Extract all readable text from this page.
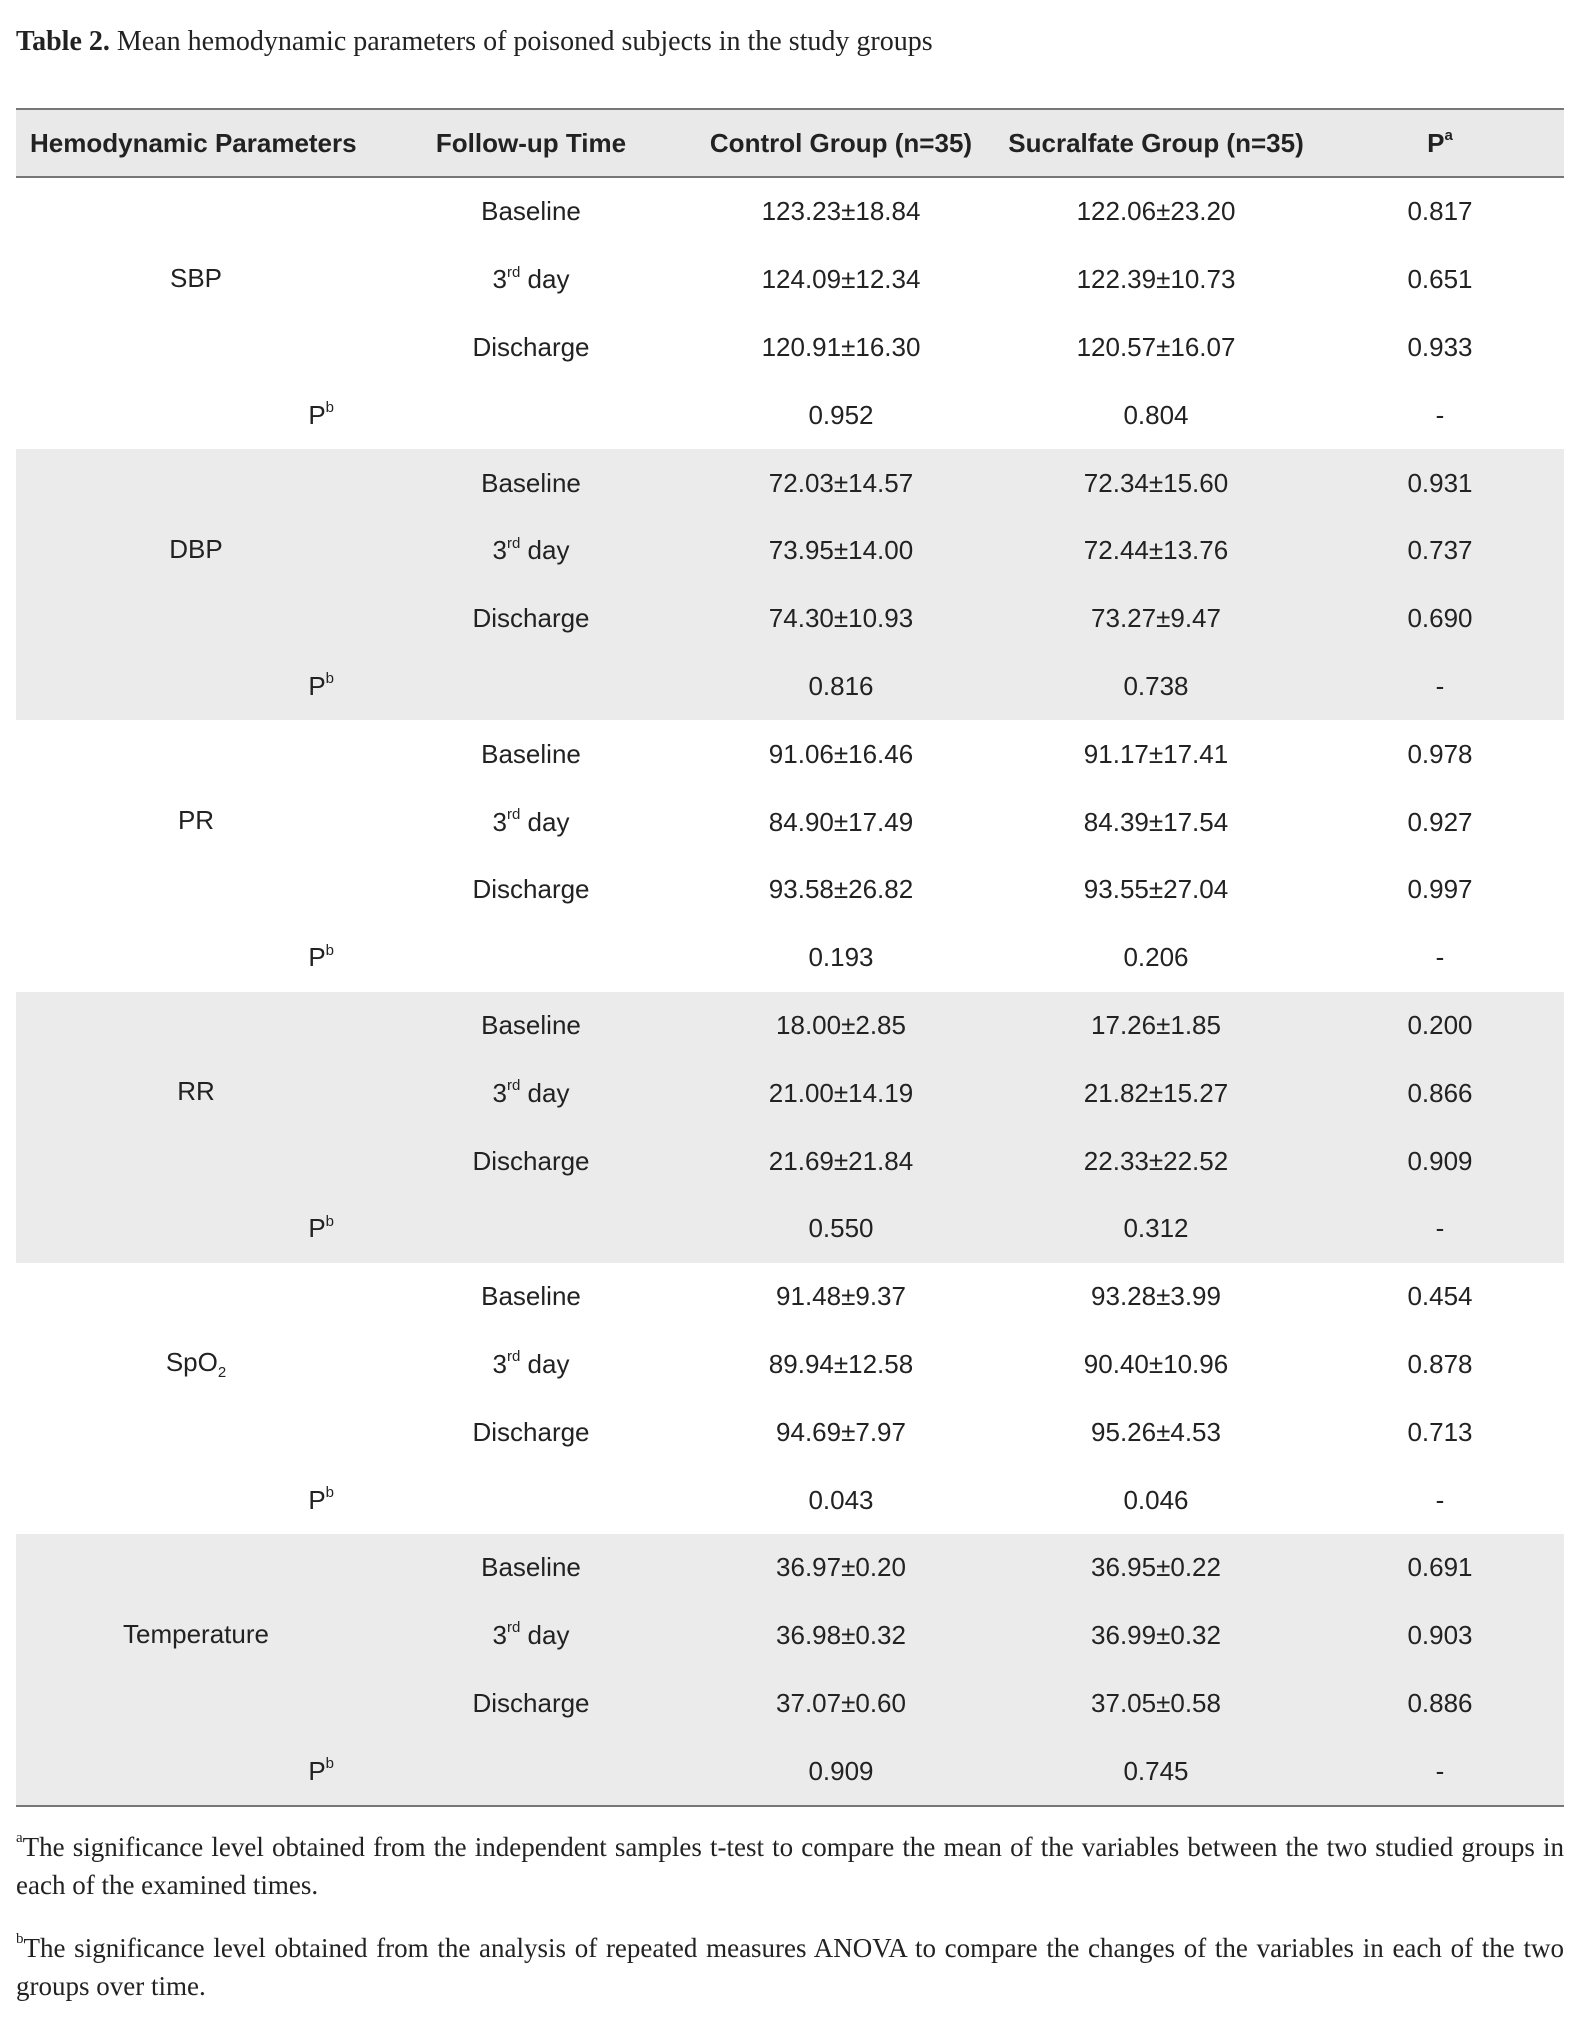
Table 2. Mean hemodynamic parameters of poisoned subjects in the study groups
Hemodynamic Parameters	Follow-up Time	Control Group (n=35)	Sucralfate Group (n=35)	$P^a$
SBP	Baseline	123.23±18.84	122.06±23.20	0.817
	3rd day	124.09±12.34	122.39±10.73	0.651
	Discharge	120.91±16.30	120.57±16.07	0.933
$P^b$		0.952	0.804	-
DBP	Baseline	72.03±14.57	72.34±15.60	0.931
	3rd day	73.95±14.00	72.44±13.76	0.737
	Discharge	74.30±10.93	73.27±9.47	0.690
$P^b$		0.816	0.738	-
PR	Baseline	91.06±16.46	91.17±17.41	0.978
	3rd day	84.90±17.49	84.39±17.54	0.927
	Discharge	93.58±26.82	93.55±27.04	0.997
$P^b$		0.193	0.206	-
RR	Baseline	18.00±2.85	17.26±1.85	0.200
	3rd day	21.00±14.19	21.82±15.27	0.866
	Discharge	21.69±21.84	22.33±22.52	0.909
$P^b$		0.550	0.312	-
SpO$_2$	Baseline	91.48±9.37	93.28±3.99	0.454
	3rd day	89.94±12.58	90.40±10.96	0.878
	Discharge	94.69±7.97	95.26±4.53	0.713
$P^b$		0.043	0.046	-
Temperature	Baseline	36.97±0.20	36.95±0.22	0.691
	3rd day	36.98±0.32	36.99±0.32	0.903
	Discharge	37.07±0.60	37.05±0.58	0.886
$P^b$		0.909	0.745	-

$^a$The significance level obtained from the independent samples t-test to compare the mean of the variables between the two studied groups in each of the examined times.

$^b$The significance level obtained from the analysis of repeated measures ANOVA to compare the changes of the variables in each of the two groups over time.
